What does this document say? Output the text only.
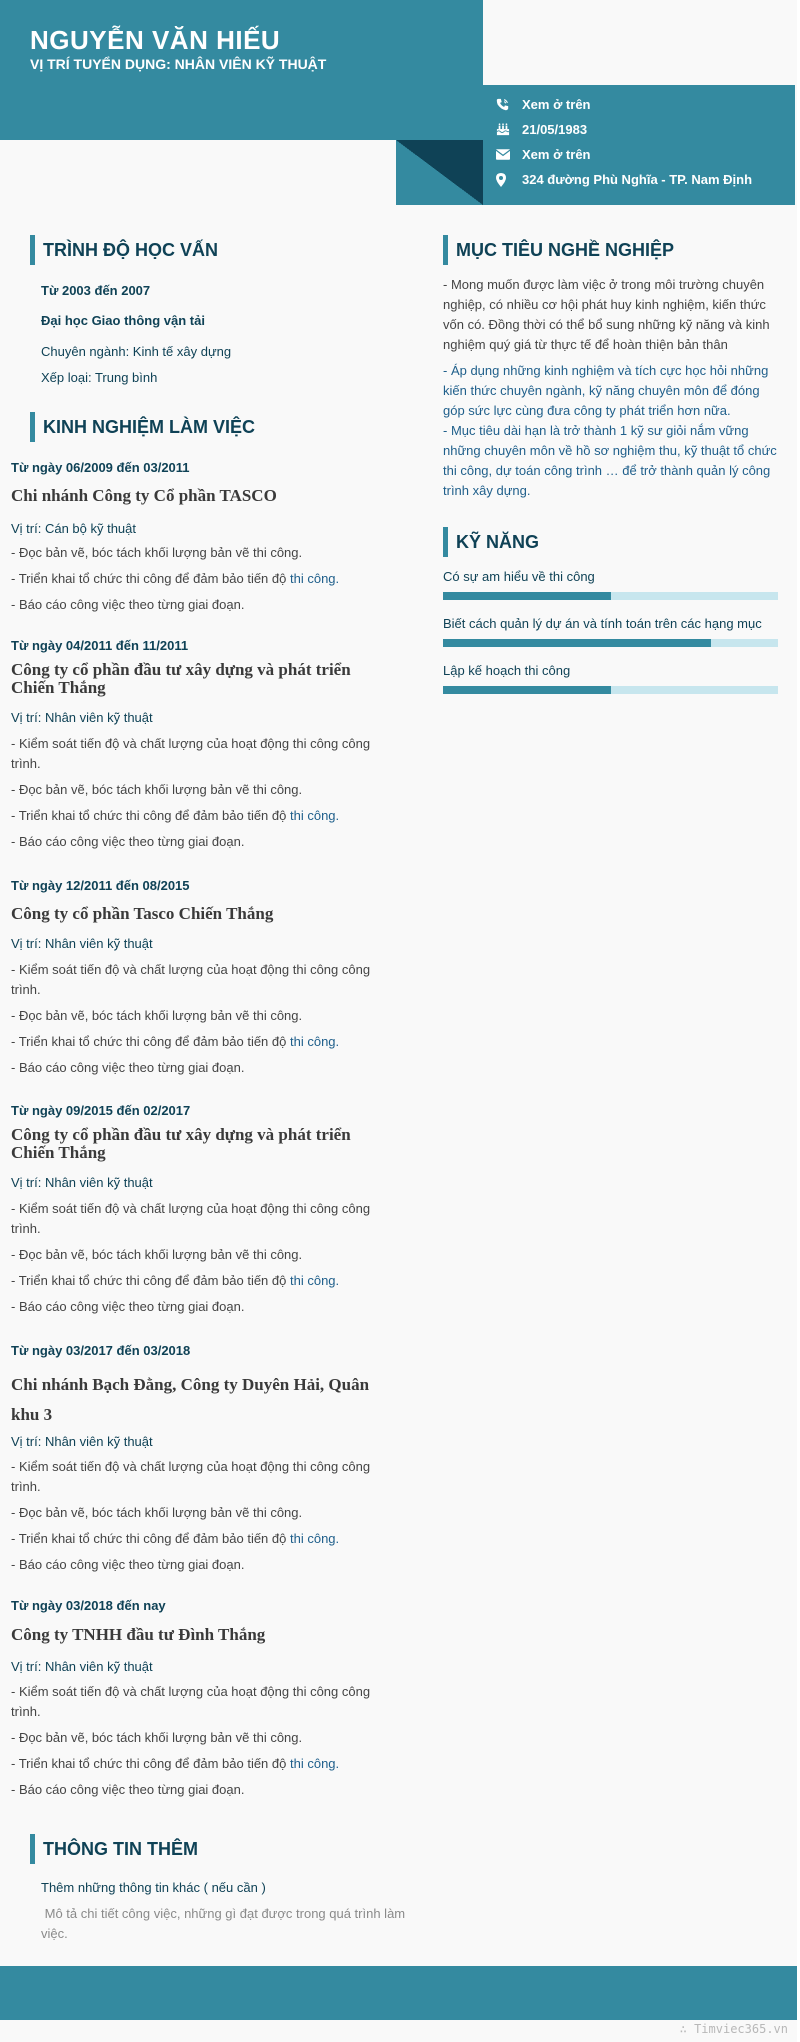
NGUYỄN VĂN HIẾU
VỊ TRÍ TUYỂN DỤNG: NHÂN VIÊN KỸ THUẬT
Xem ở trên
21/05/1983
Xem ở trên
324 đường Phù Nghĩa - TP. Nam Định
TRÌNH ĐỘ HỌC VẤN
Từ 2003 đến 2007
Đại học Giao thông vận tải
Chuyên ngành: Kinh tế xây dựng
Xếp loại: Trung bình
KINH NGHIỆM LÀM VIỆC
Từ ngày 06/2009 đến 03/2011
Chi nhánh Công ty Cổ phần TASCO
Vị trí: Cán bộ kỹ thuật
- Đọc bản vẽ, bóc tách khối lượng bản vẽ thi công.
- Triển khai tổ chức thi công để đảm bảo tiến độ thi công.
- Báo cáo công việc theo từng giai đoạn.
Từ ngày 04/2011 đến 11/2011
Công ty cổ phần đầu tư xây dựng và phát triển Chiến Thắng
Vị trí: Nhân viên kỹ thuật
- Kiểm soát tiến độ và chất lượng của hoạt động thi công công trình.
- Đọc bản vẽ, bóc tách khối lượng bản vẽ thi công.
- Triển khai tổ chức thi công để đảm bảo tiến độ thi công.
- Báo cáo công việc theo từng giai đoạn.
Từ ngày 12/2011 đến 08/2015
Công ty cổ phần Tasco Chiến Thắng
Vị trí: Nhân viên kỹ thuật
- Kiểm soát tiến độ và chất lượng của hoạt động thi công công trình.
- Đọc bản vẽ, bóc tách khối lượng bản vẽ thi công.
- Triển khai tổ chức thi công để đảm bảo tiến độ thi công.
- Báo cáo công việc theo từng giai đoạn.
Từ ngày 09/2015 đến 02/2017
Công ty cổ phần đầu tư xây dựng và phát triển Chiến Thắng
Vị trí: Nhân viên kỹ thuật
- Kiểm soát tiến độ và chất lượng của hoạt động thi công công trình.
- Đọc bản vẽ, bóc tách khối lượng bản vẽ thi công.
- Triển khai tổ chức thi công để đảm bảo tiến độ thi công.
- Báo cáo công việc theo từng giai đoạn.
Từ ngày 03/2017 đến 03/2018
Chi nhánh Bạch Đằng, Công ty Duyên Hải, Quân khu 3
Vị trí: Nhân viên kỹ thuật
- Kiểm soát tiến độ và chất lượng của hoạt động thi công công trình.
- Đọc bản vẽ, bóc tách khối lượng bản vẽ thi công.
- Triển khai tổ chức thi công để đảm bảo tiến độ thi công.
- Báo cáo công việc theo từng giai đoạn.
Từ ngày 03/2018 đến nay
Công ty TNHH đầu tư Đình Thắng
Vị trí: Nhân viên kỹ thuật
- Kiểm soát tiến độ và chất lượng của hoạt động thi công công trình.
- Đọc bản vẽ, bóc tách khối lượng bản vẽ thi công.
- Triển khai tổ chức thi công để đảm bảo tiến độ thi công.
- Báo cáo công việc theo từng giai đoạn.
THÔNG TIN THÊM
Thêm những thông tin khác ( nếu cần )
Mô tả chi tiết công việc, những gì đạt được trong quá trình làm việc.
MỤC TIÊU NGHỀ NGHIỆP

- Mong muốn được làm việc ở trong môi trường chuyên nghiệp, có nhiều cơ hội phát huy kinh nghiệm, kiến thức vốn có. Đồng thời có thể bổ sung những kỹ năng và kinh nghiệm quý giá từ thực tế để hoàn thiện bản thân

- Áp dụng những kinh nghiệm và tích cực học hỏi những kiến thức chuyên ngành, kỹ năng chuyên môn để đóng góp sức lực cùng đưa công ty phát triển hơn nữa.

- Mục tiêu dài hạn là trở thành 1 kỹ sư giỏi nắm vững những chuyên môn về hồ sơ nghiệm thu, kỹ thuật tổ chức thi công, dự toán công trình … để trở thành quản lý công trình xây dựng.

KỸ NĂNG
Có sự am hiểu về thi công
Biết cách quản lý dự án và tính toán trên các hạng mục
Lập kế hoạch thi công
∴ Timviec365.vn
